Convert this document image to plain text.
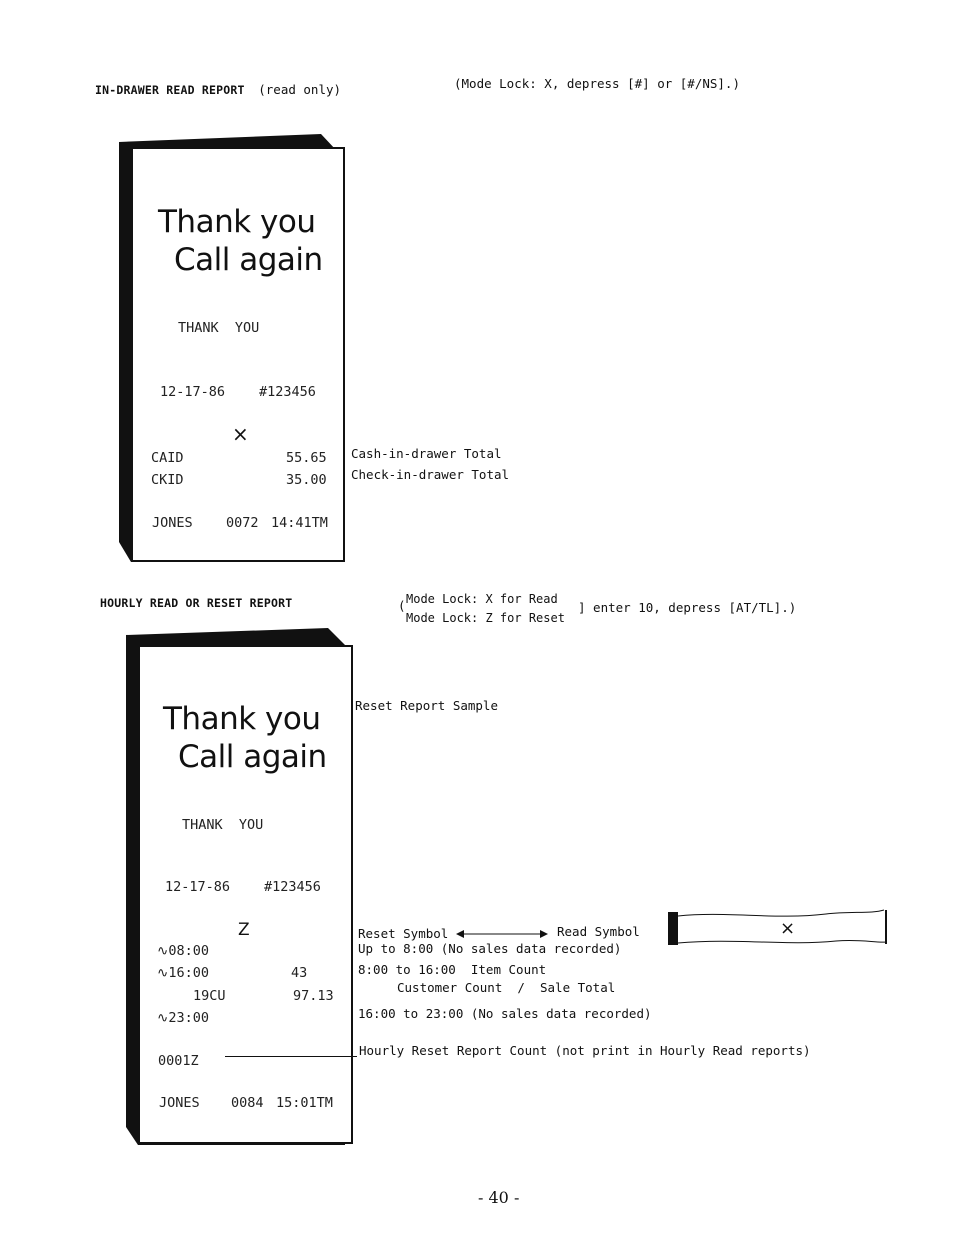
IN-DRAWER READ REPORT (read only)	(Mode Lock: X, depress [#] or [#/NS].)
Thank you
Call again
THANK  YOU
12-17-86	#123456
×
CAID	55.65
CKID	35.00
JONES 0072 14:41TM
Cash-in-drawer Total
Check-in-drawer Total
HOURLY READ OR RESET REPORT	( Mode Lock: X for Read
Mode Lock: Z for Reset
] enter 10, depress [AT/TL].)
Thank you
Call again
THANK  YOU
12-17-86	#123456
Z
∿08:00
∿16:00	43
19CU	97.13
∿23:00
0001Z
JONES 0084 15:01TM
Reset Report Sample
Reset Symbol	Read Symbol	×
Up to 8:00 (No sales data recorded)
8:00 to 16:00  Item Count
Customer Count  /  Sale Total
16:00 to 23:00 (No sales data recorded)
Hourly Reset Report Count (not print in Hourly Read reports)
- 40 -
